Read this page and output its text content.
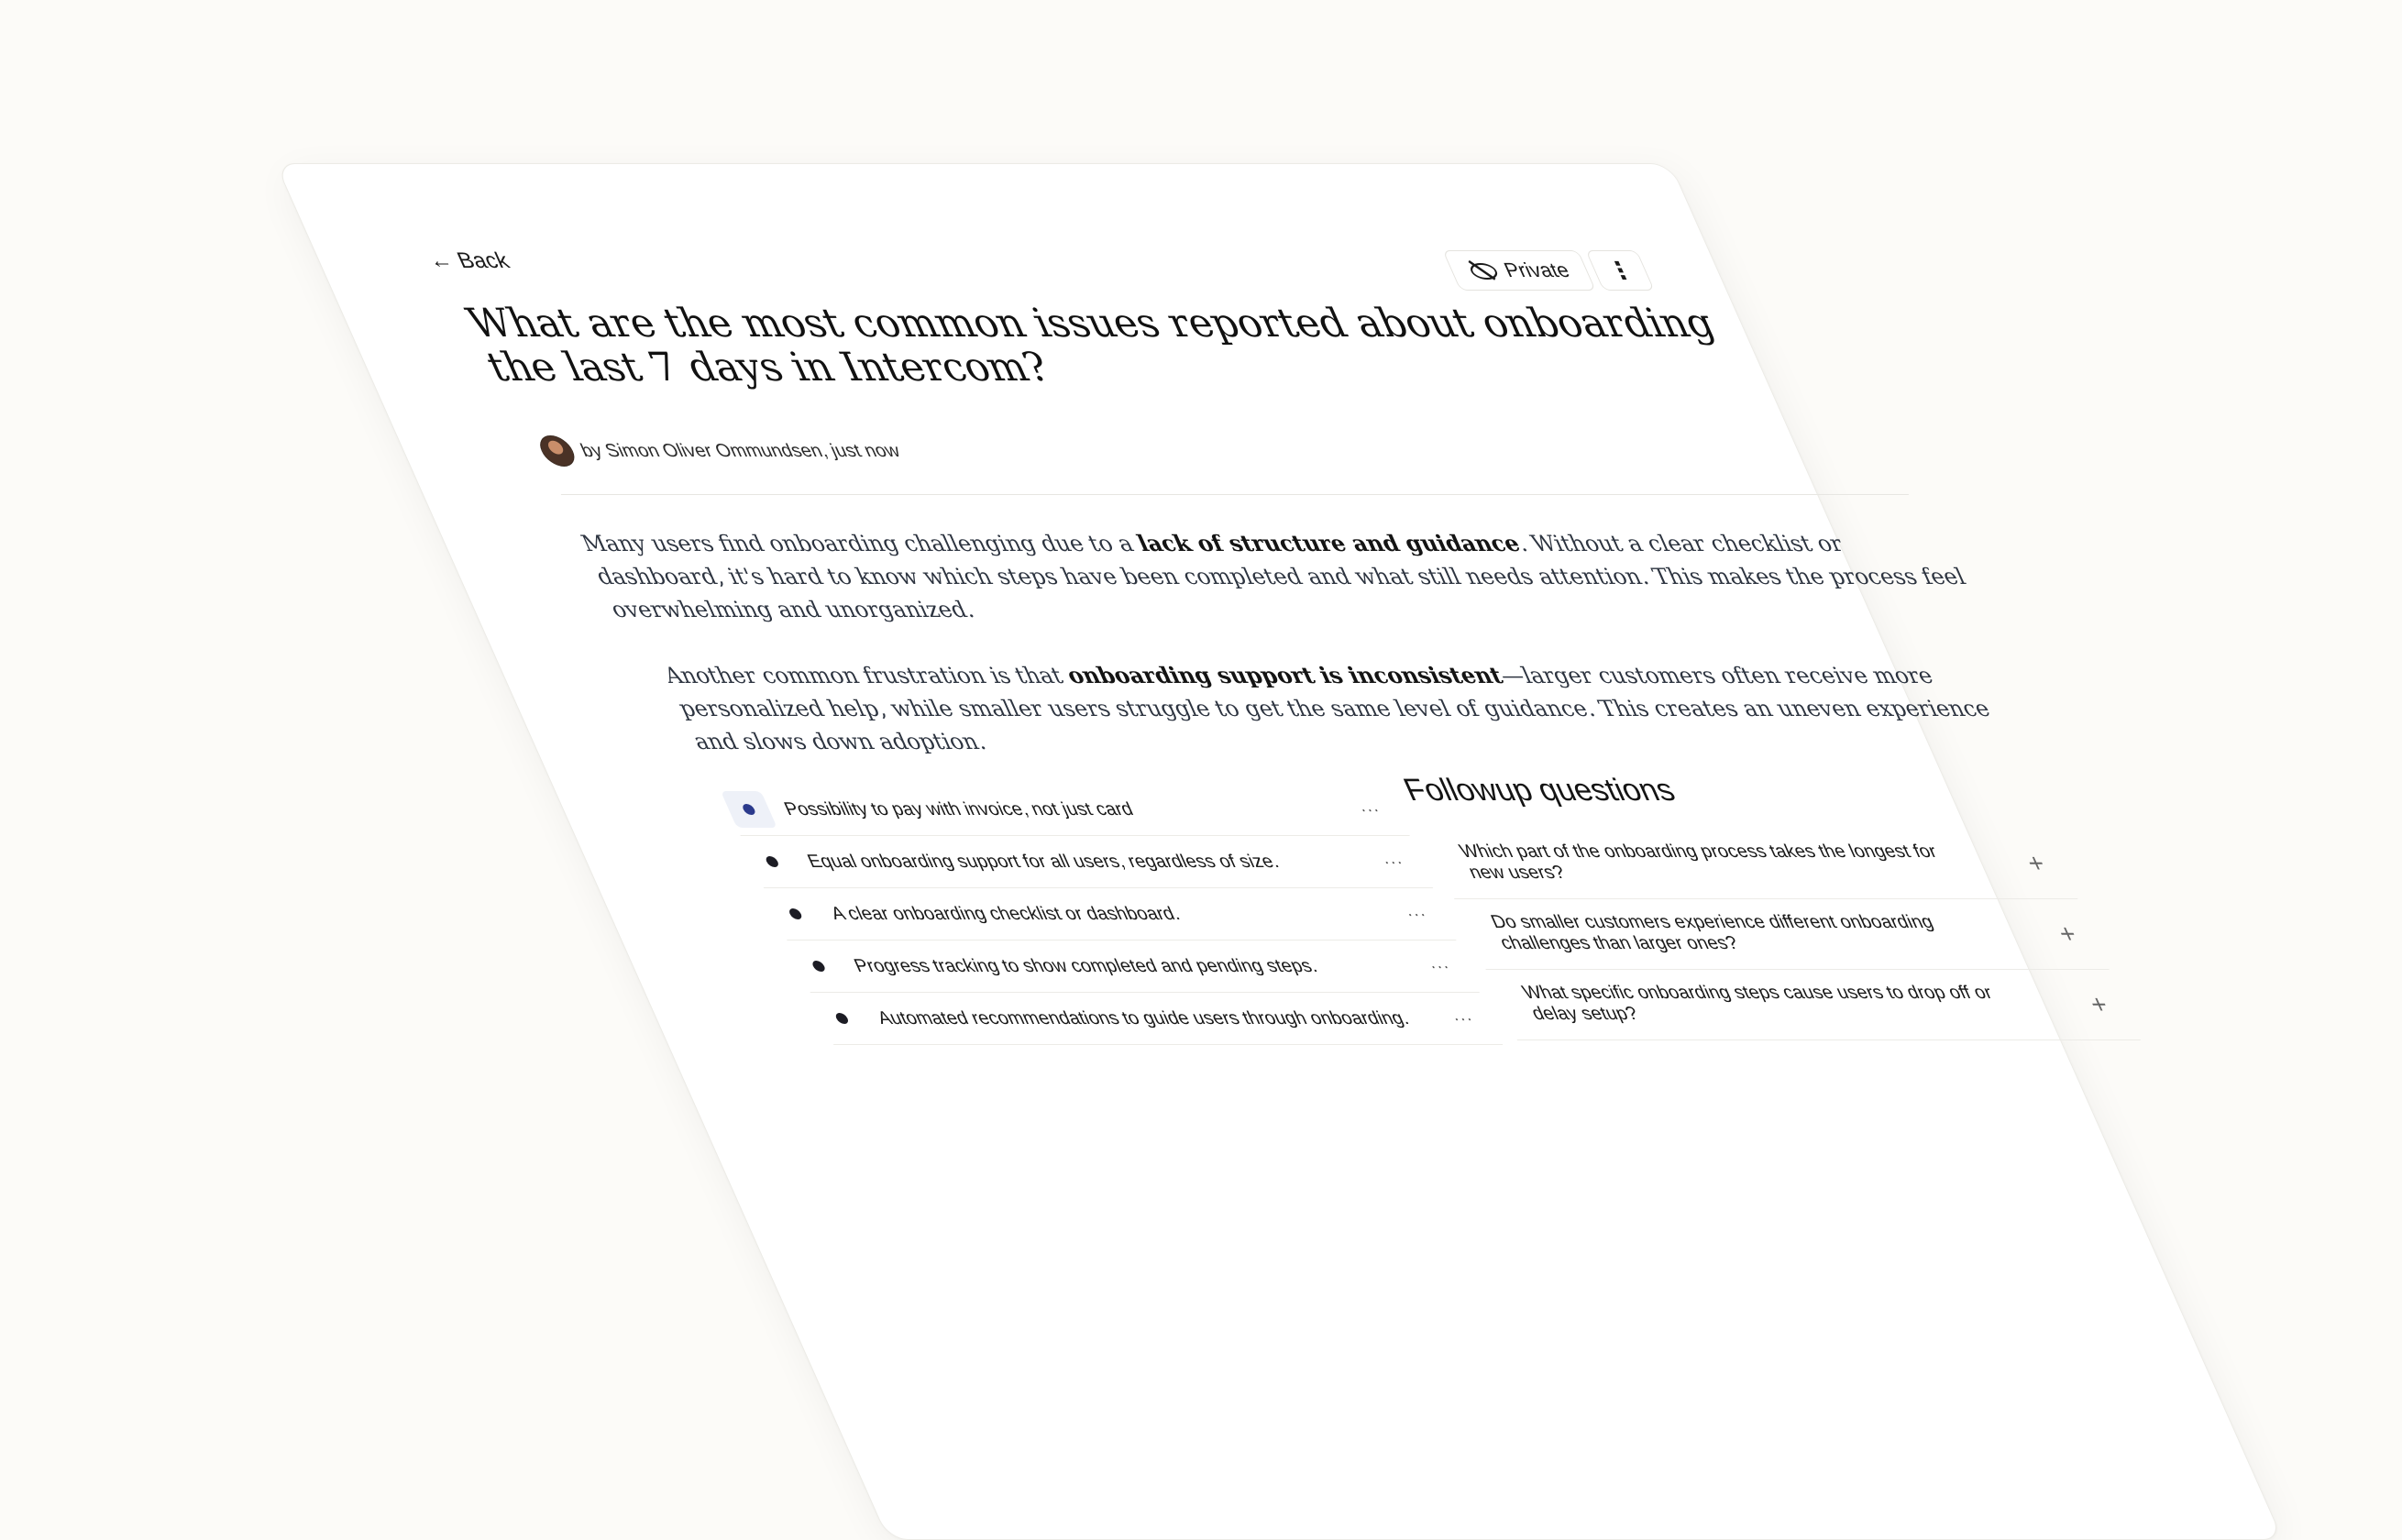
←
Back	Private	⋮
What are the most common issues reported about onboarding the last 7 days in Intercom?
by Simon Oliver Ommundsen, just now

Many users find onboarding challenging due to a lack of structure and guidance. Without a clear checklist or dashboard, it's hard to know which steps have been completed and what still needs attention. This makes the process feel overwhelming and unorganized.

Another common frustration is that onboarding support is inconsistent—larger customers often receive more personalized help, while smaller users struggle to get the same level of guidance. This creates an uneven experience and slows down adoption.

Possibility to pay with invoice, not just card	···
Equal onboarding support for all users, regardless of size.	···
A clear onboarding checklist or dashboard.	···
Progress tracking to show completed and pending steps.	···
Automated recommendations to guide users through onboarding.	···
Followup questions
Which part of the onboarding process takes the longest for new users?	+
Do smaller customers experience different onboarding challenges than larger ones?	+
What specific onboarding steps cause users to drop off or delay setup?	+
